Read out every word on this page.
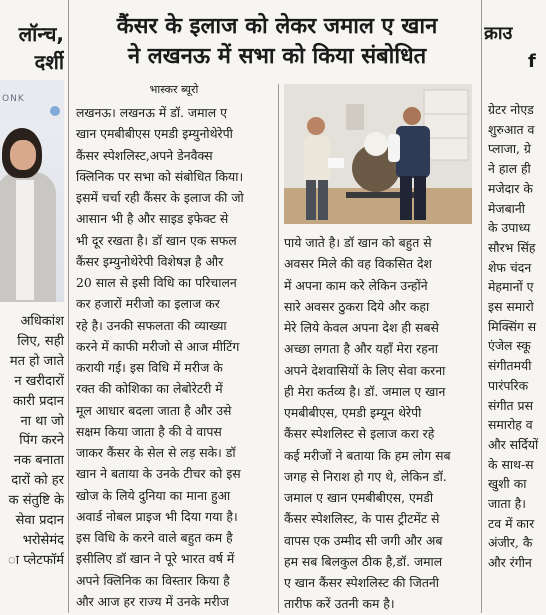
लॉन्च,
दर्शी
ONK
अधिकांश
लिए, सही
मत हो जाते
न खरीदारों
कारी प्रदान
ना था जो
पिंग करने
नक बनाता
दारों को हर
क संतुष्टि के
सेवा प्रदान
भरोसेमंद
ा प्लेटफॉर्म
कैंसर के इलाज को लेकर जमाल ए खान
ने लखनऊ में सभा को किया संबोधित
भास्कर ब्यूरो
लखनऊ। लखनऊ में डॉ. जमाल ए
खान एमबीबीएस एमडी इम्युनोथेरेपी
कैंसर स्पेशलिस्ट,अपने डेनवैक्स
क्लिनिक पर सभा को संबोधित किया।
इसमें चर्चा रही कैंसर के इलाज की जो
आसान भी है और साइड इफेक्ट से
भी दूर रखता है। डॉ खान एक सफल
कैंसर इम्युनोथेरेपी विशेषज्ञ है और
20 साल से इसी विधि का परिचालन
कर हजारों मरीजो का इलाज कर
रहे है। उनकी सफलता की व्याख्या
करने में काफी मरीजो से आज मीटिंग
करायी गई। इस विधि में मरीज के
रक्त की कोशिका का लेबोरेटरी में
मूल आधार बदला जाता है और उसे
सक्षम किया जाता है की वे वापस
जाकर कैंसर के सेल से लड़ सके। डॉ
खान ने बताया के उनके टीचर को इस
खोज के लिये दुनिया का माना हुआ
अवार्ड नोबल प्राइज भी दिया गया है।
इस विधि के करने वाले बहुत कम है
इसीलिए डॉ खान ने पूरे भारत वर्ष में
अपने क्लिनिक का विस्तार किया है
और आज हर राज्य में उनके मरीज
पाये जाते है। डॉ खान को बहुत से
अवसर मिले की वह विकसित देश
में अपना काम करे लेकिन उन्होंने
सारे अवसर ठुकरा दिये और कहा
मेरे लिये केवल अपना देश ही सबसे
अच्छा लगता है और यहाँ मेरा रहना
अपने देशवासियों के लिए सेवा करना
ही मेरा कर्तव्य है। डॉ. जमाल ए खान
एमबीबीएस, एमडी इम्यून थेरेपी
कैंसर स्पेशलिस्ट से इलाज करा रहे
कई मरीजों ने बताया कि हम लोग सब
जगह से निराश हो गए थे, लेकिन डॉ.
जमाल ए खान एमबीबीएस, एमडी
कैंसर स्पेशलिस्ट, के पास ट्रीटमेंट से
वापस एक उम्मीद सी जगी और अब
हम सब बिलकुल ठीक है,डॉ. जमाल
ए खान कैंसर स्पेशलिस्ट की जितनी
तारीफ करें उतनी कम है।
क्राउ
f
ग्रेटर नोएड
शुरुआत व
प्लाजा, ग्रे
ने हाल ही
मजेदार के
मेजबानी
के उपाध्य
सौरभ सिंह
शेफ चंदन
मेहमानों ए
इस समारो
मिक्सिंग स
एंजेल स्कू
संगीतमयी
पारंपरिक
संगीत प्रस
समारोह व
और सर्दियों
के साथ-स
खुशी का
जाता है।
टव में कार
अंजीर, कै
और रंगीन
